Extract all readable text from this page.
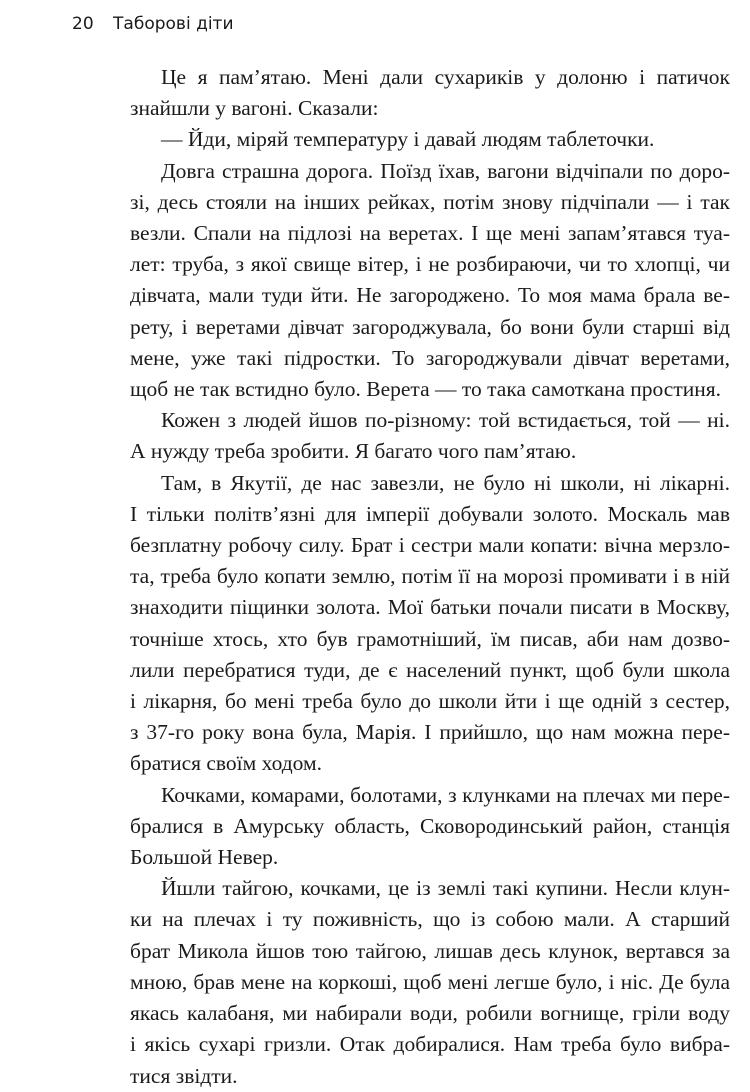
20 Таборові діти
Це я пам’ятаю. Мені дали сухариків у долоню і патичок
знайшли у вагоні. Сказали:
— Йди, міряй температуру і давай людям таблеточки.
Довга страшна дорога. Поїзд їхав, вагони відчіпали по доро-
зі, десь стояли на інших рейках, потім знову підчіпали — і так
везли. Спали на підлозі на веретах. І ще мені запам’ятався туа-
лет: труба, з якої свище вітер, і не розбираючи, чи то хлопці, чи
дівчата, мали туди йти. Не загороджено. То моя мама брала ве-
рету, і веретами дівчат загороджувала, бо вони були старші від
мене, уже такі підростки. То загороджували дівчат веретами,
щоб не так встидно було. Верета — то така самоткана простиня.
Кожен з людей йшов по-різному: той встидається, той — ні.
А нужду треба зробити. Я багато чого пам’ятаю.
Там, в Якутії, де нас завезли, не було ні школи, ні лікарні.
І тільки політв’язні для імперії добували золото. Москаль мав
безплатну робочу силу. Брат і сестри мали копати: вічна мерзло-
та, треба було копати землю, потім її на морозі промивати і в ній
знаходити піщинки золота. Мої батьки почали писати в Москву,
точніше хтось, хто був грамотніший, їм писав, аби нам дозво-
лили перебратися туди, де є населений пункт, щоб були школа
і лікарня, бо мені треба було до школи йти і ще одній з сестер,
з 37-го року вона була, Марія. І прийшло, що нам можна пере-
братися своїм ходом.
Кочками, комарами, болотами, з клунками на плечах ми пере-
бралися в Амурську область, Сковородинський район, станція
Большой Невер.
Йшли тайгою, кочками, це із землі такі купини. Несли клун-
ки на плечах і ту поживність, що із собою мали. А старший
брат Микола йшов тою тайгою, лишав десь клунок, вертався за
мною, брав мене на коркоші, щоб мені легше було, і ніс. Де була
якась калабаня, ми набирали води, робили вогнище, гріли воду
і якісь сухарі гризли. Отак добиралися. Нам треба було вибра-
тися звідти.
